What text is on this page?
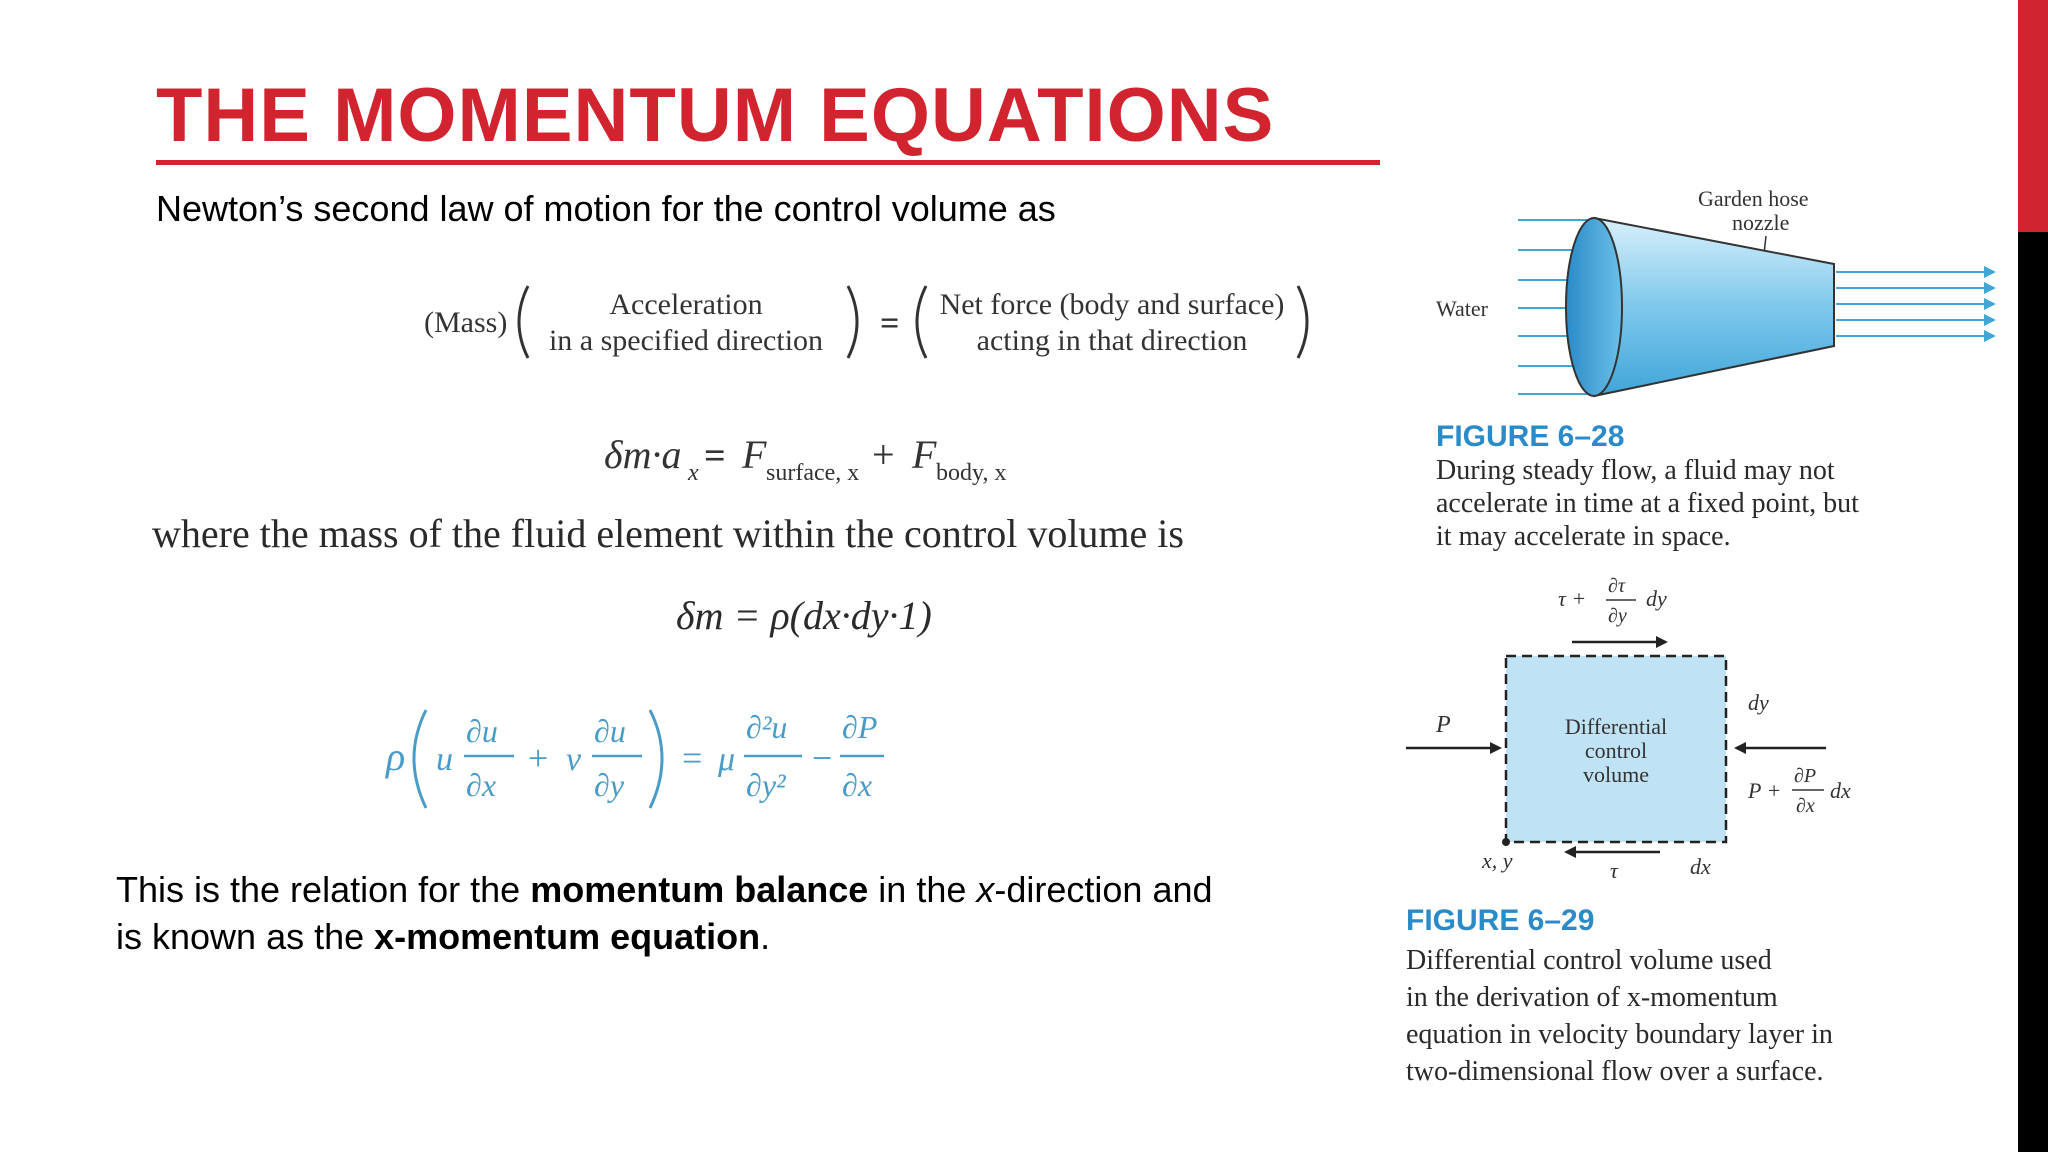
THE MOMENTUM EQUATIONS
Newton’s second law of motion for the control volume as
(Mass)
Acceleration
in a specified direction =
Net force (body and surface)
acting in that direction
δm·a x = F surface, x + F body, x
where the mass of the fluid element within the control volume is
δm = ρ(dx·dy·1)
ρ u
∂u
∂x
+ v
∂u
∂y
= μ
∂²u
∂y²
−
∂P
∂x
This is the relation for the momentum balance in the x-direction and
is known as the x-momentum equation.
Garden hose
nozzle
Water
FIGURE 6–28
During steady flow, a fluid may not
accelerate in time at a fixed point, but
it may accelerate in space.
τ + ∂τ
∂y
dy
Differential
control
volume
P
dy
P +
∂P
∂x
dx
x, y	τ	dx
FIGURE 6–29
Differential control volume used
in the derivation of x-momentum
equation in velocity boundary layer in
two-dimensional flow over a surface.
